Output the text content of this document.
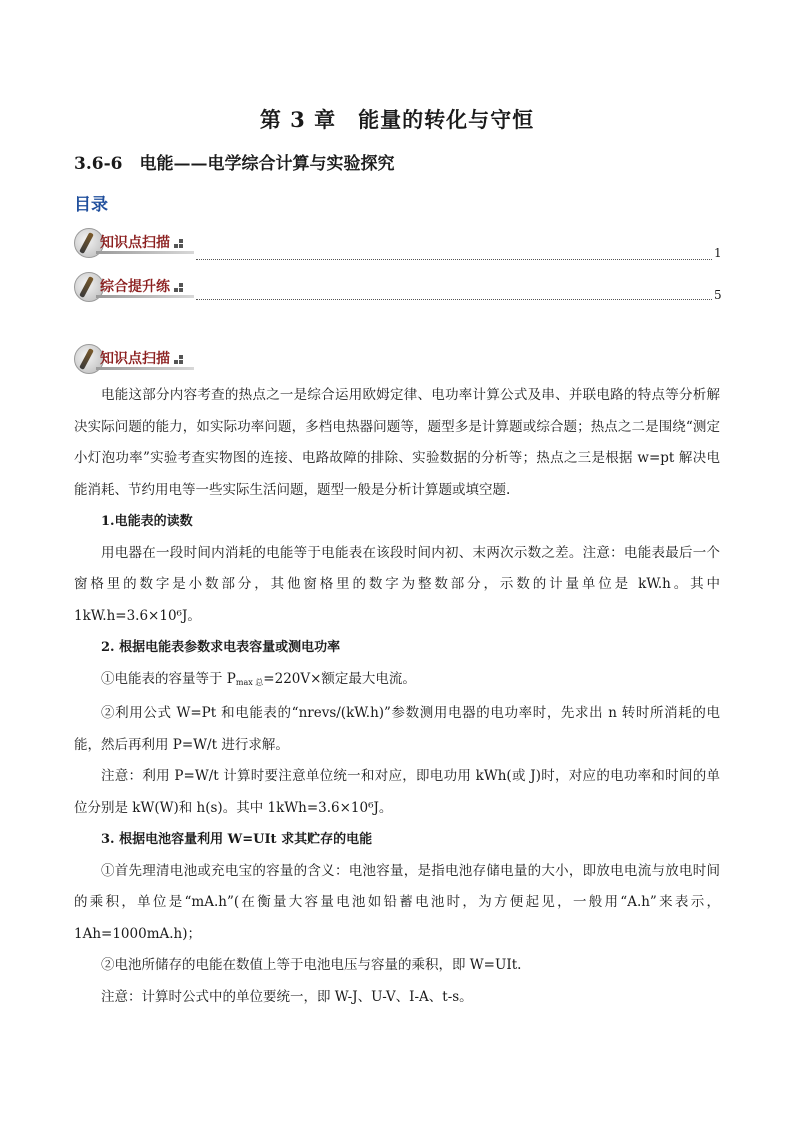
第 3 章　能量的转化与守恒
3.6-6　电能——电学综合计算与实验探究
目录
知识点扫描
1
综合提升练	5
知识点扫描

电能这部分内容考查的热点之一是综合运用欧姆定律、电功率计算公式及串、并联电路的特点等分析解决实际问题的能力，如实际功率问题，多档电热器问题等，题型多是计算题或综合题；热点之二是围绕“测定小灯泡功率”实验考查实物图的连接、电路故障的排除、实验数据的分析等；热点之三是根据 w=pt 解决电能消耗、节约用电等一些实际生活问题，题型一般是分析计算题或填空题.

1.电能表的读数

用电器在一段时间内消耗的电能等于电能表在该段时间内初、末两次示数之差。注意：电能表最后一个窗格里的数字是小数部分，其他窗格里的数字为整数部分，示数的计量单位是 kW.h。其中 1kW.h=3.6×10⁶J。

2. 根据电能表参数求电表容量或测电功率

①电能表的容量等于 Pmax 总=220V×额定最大电流。

②利用公式 W=Pt 和电能表的“nrevs/(kW.h)”参数测用电器的电功率时，先求出 n 转时所消耗的电能，然后再利用 P=W/t 进行求解。

注意：利用 P=W/t 计算时要注意单位统一和对应，即电功用 kWh(或 J)时，对应的电功率和时间的单位分别是 kW(W)和 h(s)。其中 1kWh=3.6×10⁶J。

3. 根据电池容量利用 W=UIt 求其贮存的电能

①首先理清电池或充电宝的容量的含义：电池容量，是指电池存储电量的大小，即放电电流与放电时间的乘积，单位是“mA.h”(在衡量大容量电池如铅蓄电池时，为方便起见，一般用“A.h”来表示，1Ah=1000mA.h)；

②电池所储存的电能在数值上等于电池电压与容量的乘积，即 W=UIt.

注意：计算时公式中的单位要统一，即 W-J、U-V、I-A、t-s。
